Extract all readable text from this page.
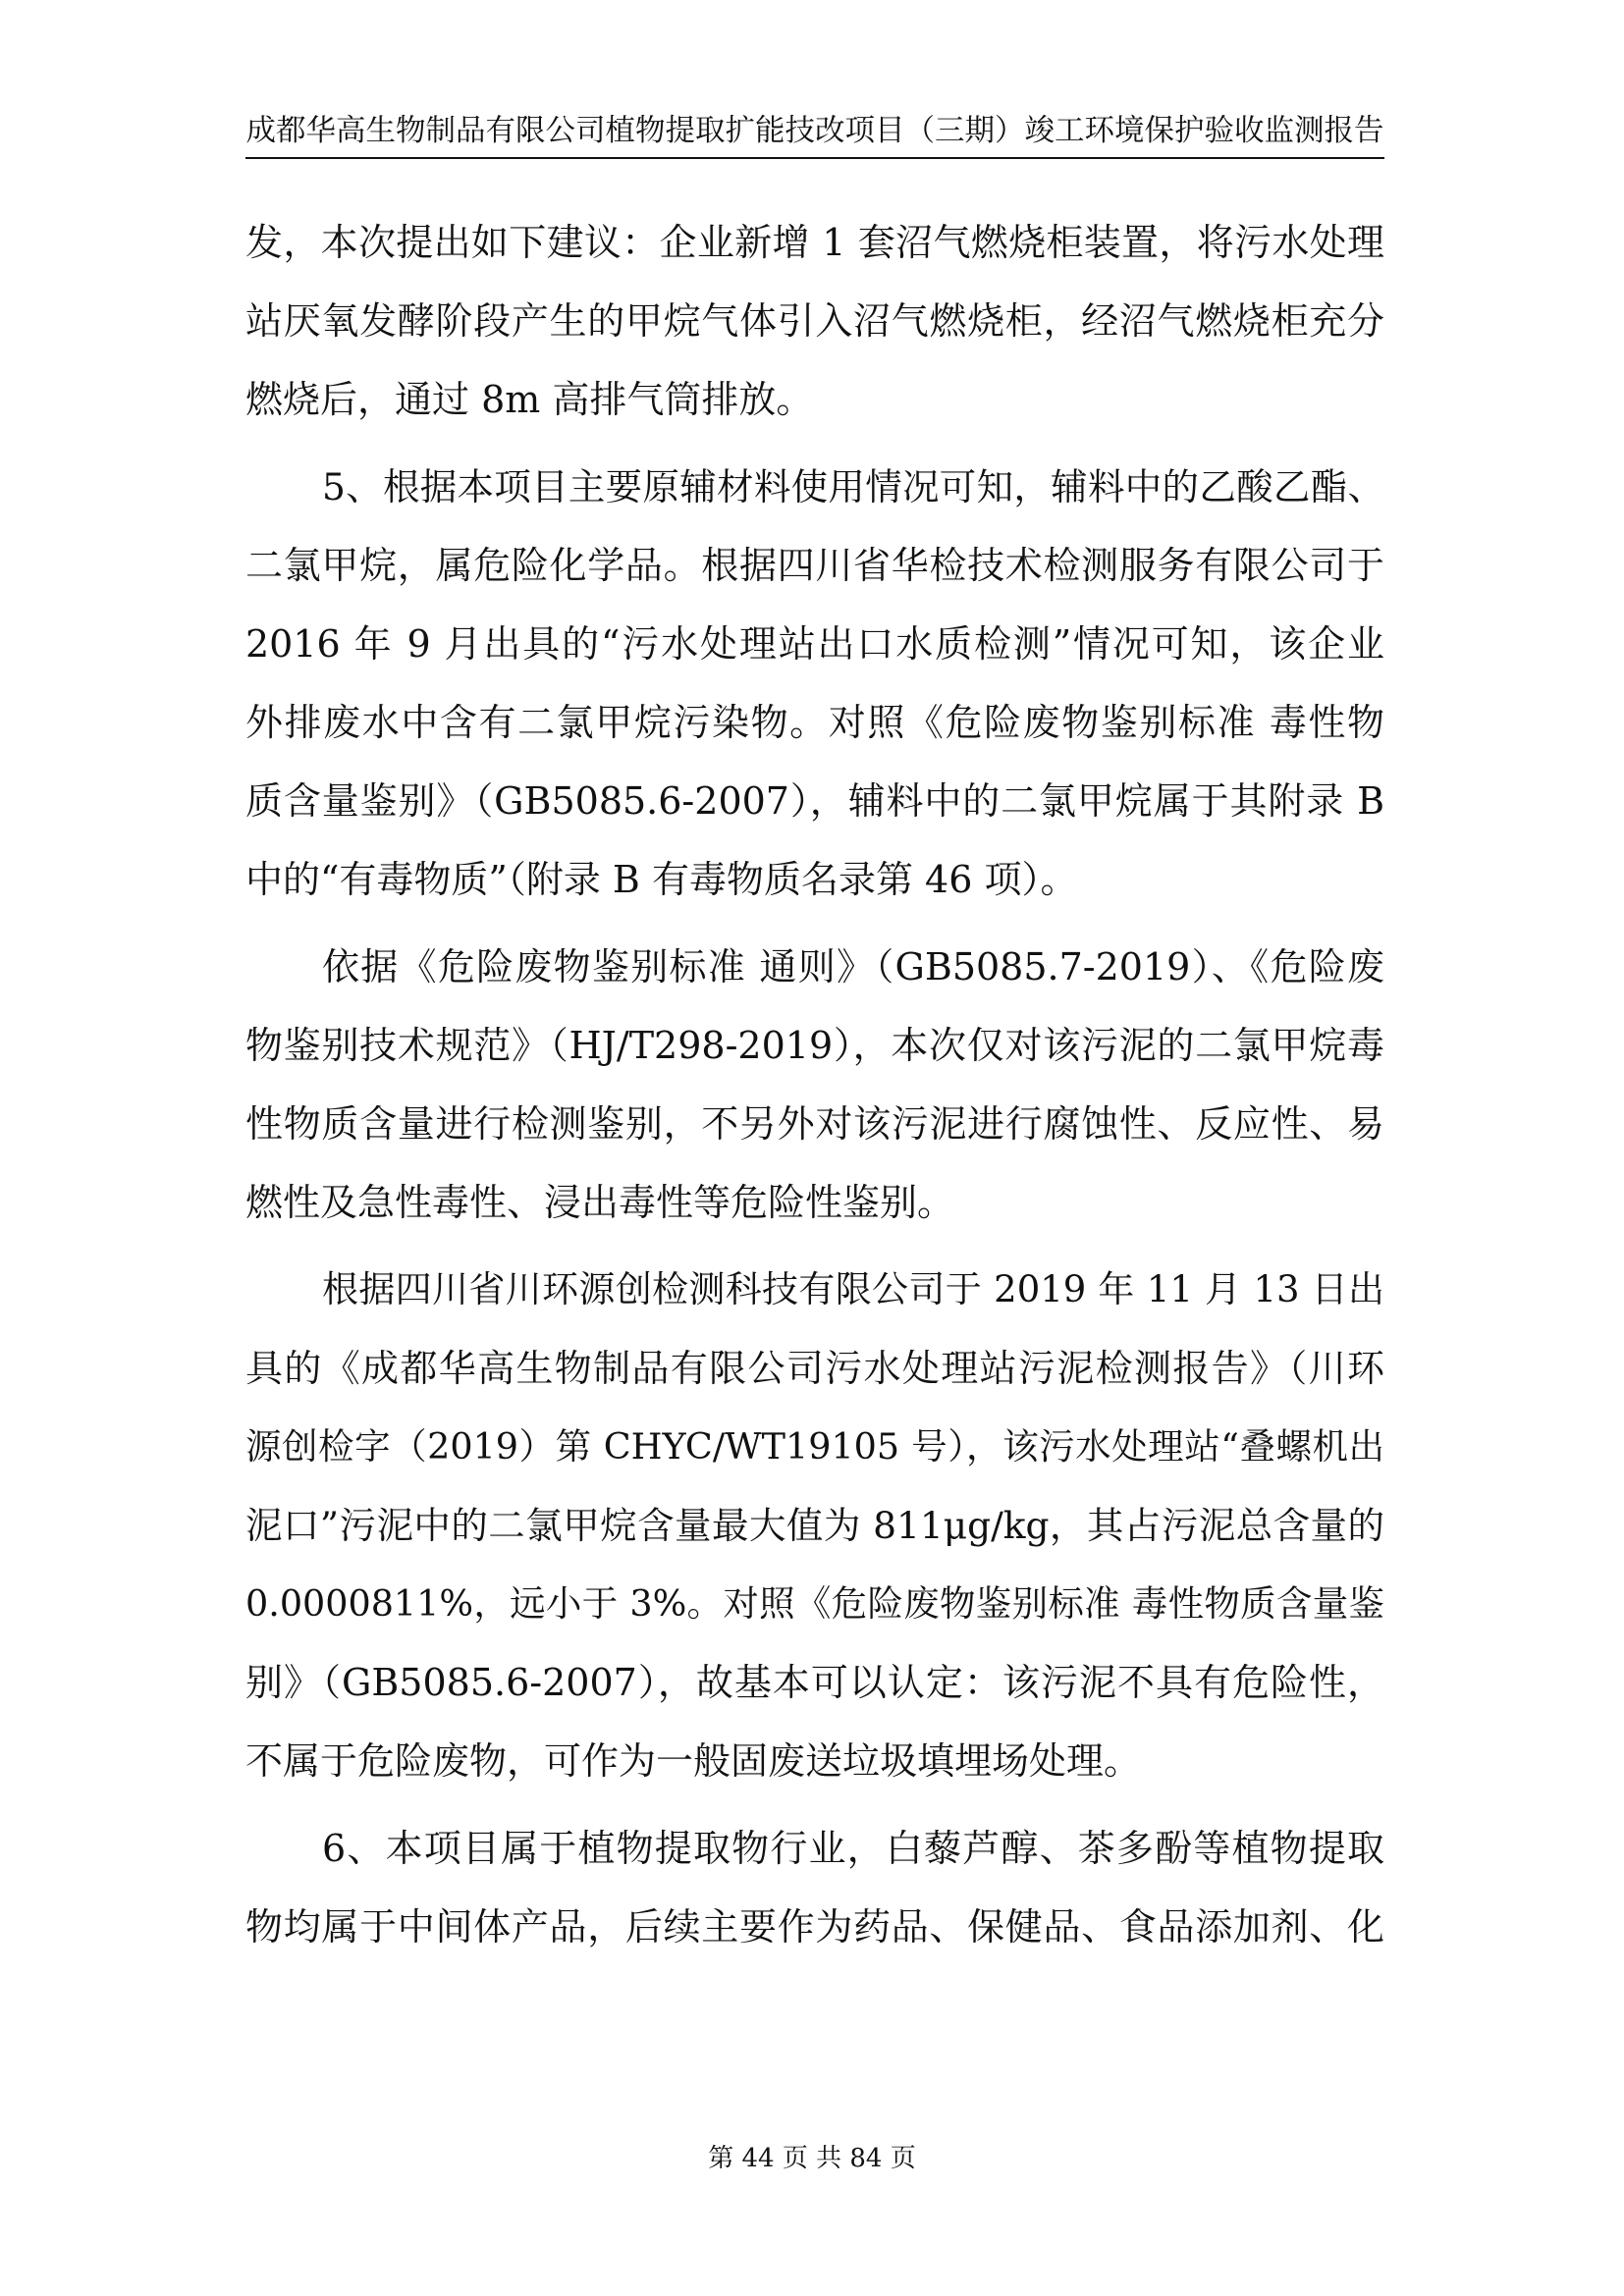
成都华高生物制品有限公司植物提取扩能技改项目（三期）竣工环境保护验收监测报告
发，本次提出如下建议：企业新增 1 套沼气燃烧柜装置，将污水处理
站厌氧发酵阶段产生的甲烷气体引入沼气燃烧柜，经沼气燃烧柜充分
燃烧后，通过 8m 高排气筒排放。
5、根据本项目主要原辅材料使用情况可知，辅料中的乙酸乙酯、
二氯甲烷，属危险化学品。根据四川省华检技术检测服务有限公司于
2016 年 9 月出具的“污水处理站出口水质检测”情况可知，该企业
外排废水中含有二氯甲烷污染物。对照《危险废物鉴别标准 毒性物
质含量鉴别》（GB5085.6-2007），辅料中的二氯甲烷属于其附录 B
中的“有毒物质”（附录 B 有毒物质名录第 46 项）。
依据《危险废物鉴别标准 通则》（GB5085.7-2019）、《危险废
物鉴别技术规范》（HJ/T298-2019），本次仅对该污泥的二氯甲烷毒
性物质含量进行检测鉴别，不另外对该污泥进行腐蚀性、反应性、易
燃性及急性毒性、浸出毒性等危险性鉴别。
根据四川省川环源创检测科技有限公司于 2019 年 11 月 13 日出
具的《成都华高生物制品有限公司污水处理站污泥检测报告》（川环
源创检字（2019）第 CHYC/WT19105 号），该污水处理站“叠螺机出
泥口”污泥中的二氯甲烷含量最大值为 811μg/kg，其占污泥总含量的
0.0000811%，远小于 3%。对照《危险废物鉴别标准 毒性物质含量鉴
别》（GB5085.6-2007），故基本可以认定：该污泥不具有危险性，
不属于危险废物，可作为一般固废送垃圾填埋场处理。
6、本项目属于植物提取物行业，白藜芦醇、茶多酚等植物提取
物均属于中间体产品，后续主要作为药品、保健品、食品添加剂、化
第 44 页 共 84 页
